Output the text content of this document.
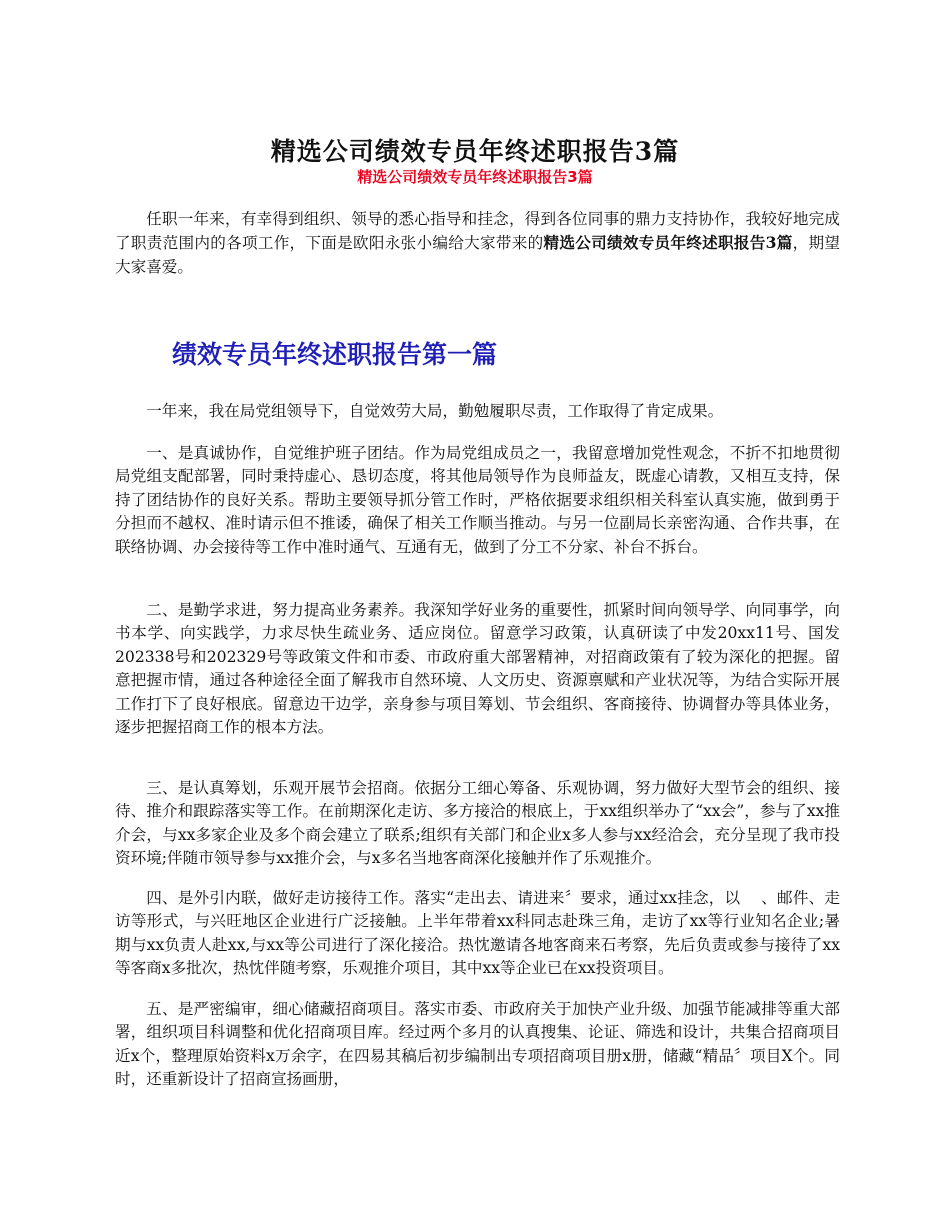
精选公司绩效专员年终述职报告3篇
精选公司绩效专员年终述职报告3篇

任职一年来，有幸得到组织、领导的悉心指导和挂念，得到各位同事的鼎力支持协作，我较好地完成了职责范围内的各项工作，下面是欧阳永张小编给大家带来的精选公司绩效专员年终述职报告3篇，期望大家喜爱。

绩效专员年终述职报告第一篇

一年来，我在局党组领导下，自觉效劳大局，勤勉履职尽责，工作取得了肯定成果。

一、是真诚协作，自觉维护班子团结。作为局党组成员之一，我留意增加党性观念，不折不扣地贯彻局党组支配部署，同时秉持虚心、恳切态度，将其他局领导作为良师益友，既虚心请教，又相互支持，保持了团结协作的良好关系。帮助主要领导抓分管工作时，严格依据要求组织相关科室认真实施，做到勇于分担而不越权、准时请示但不推诿，确保了相关工作顺当推动。与另一位副局长亲密沟通、合作共事，在联络协调、办会接待等工作中准时通气、互通有无，做到了分工不分家、补台不拆台。

二、是勤学求进，努力提高业务素养。我深知学好业务的重要性，抓紧时间向领导学、向同事学，向书本学、向实践学，力求尽快生疏业务、适应岗位。留意学习政策，认真研读了中发20xx11号、国发202338号和202329号等政策文件和市委、市政府重大部署精神，对招商政策有了较为深化的把握。留意把握市情，通过各种途径全面了解我市自然环境、人文历史、资源禀赋和产业状况等，为结合实际开展工作打下了良好根底。留意边干边学，亲身参与项目筹划、节会组织、客商接待、协调督办等具体业务，逐步把握招商工作的根本方法。

三、是认真筹划，乐观开展节会招商。依据分工细心筹备、乐观协调，努力做好大型节会的组织、接待、推介和跟踪落实等工作。在前期深化走访、多方接洽的根底上，于xx组织举办了“xx会”，参与了xx推介会，与xx多家企业及多个商会建立了联系;组织有关部门和企业x多人参与xx经洽会，充分呈现了我市投资环境;伴随市领导参与xx推介会，与x多名当地客商深化接触并作了乐观推介。

四、是外引内联，做好走访接待工作。落实“走出去、请进来〞要求，通过xx挂念，以　 、邮件、走访等形式，与兴旺地区企业进行广泛接触。上半年带着xx科同志赴珠三角，走访了xx等行业知名企业;暑期与xx负责人赴xx,与xx等公司进行了深化接洽。热忱邀请各地客商来石考察，先后负责或参与接待了xx等客商x多批次，热忱伴随考察，乐观推介项目，其中xx等企业已在xx投资项目。

五、是严密编审，细心储藏招商项目。落实市委、市政府关于加快产业升级、加强节能减排等重大部署，组织项目科调整和优化招商项目库。经过两个多月的认真搜集、论证、筛选和设计，共集合招商项目近x个，整理原始资料x万余字，在四易其稿后初步编制出专项招商项目册x册，储藏“精品〞项目X个。同时，还重新设计了招商宣扬画册，
